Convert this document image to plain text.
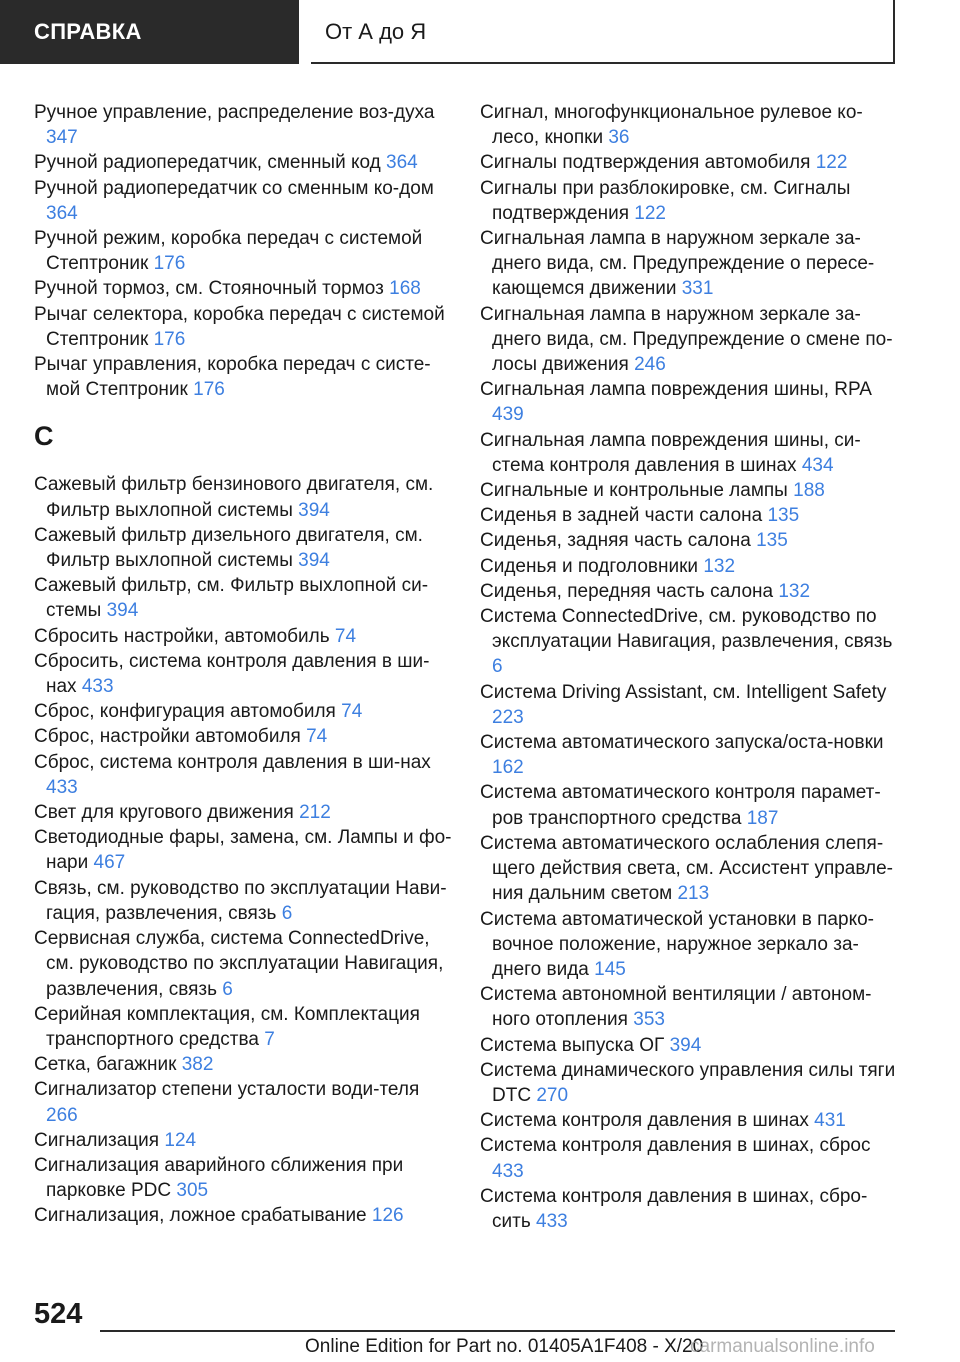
СПРАВКА	От А до Я
Ручное управление, распределение воз‐духа 347
Ручной радиопередатчик, сменный код 364
Ручной радиопередатчик со сменным ко‐дом 364
Ручной режим, коробка передач с системой Стептроник 176
Ручной тормоз, см. Стояночный тормоз 168
Рычаг селектора, коробка передач с системой Стептроник 176
Рычаг управления, коробка передач с систе‐мой Стептроник 176
С
Сажевый фильтр бензинового двигателя, см. Фильтр выхлопной системы 394
Сажевый фильтр дизельного двигателя, см. Фильтр выхлопной системы 394
Сажевый фильтр, см. Фильтр выхлопной си‐стемы 394
Сбросить настройки, автомобиль 74
Сбросить, система контроля давления в ши‐нах 433
Сброс, конфигурация автомобиля 74
Сброс, настройки автомобиля 74
Сброс, система контроля давления в ши‐нах 433
Свет для кругового движения 212
Светодиодные фары, замена, см. Лампы и фо‐нари 467
Связь, см. руководство по эксплуатации Нави‐гация, развлечения, связь 6
Сервисная служба, система ConnectedDrive, см. руководство по эксплуатации Навигация, развлечения, связь 6
Серийная комплектация, см. Комплектация транспортного средства 7
Сетка, багажник 382
Сигнализатор степени усталости води‐теля 266
Сигнализация 124
Сигнализация аварийного сближения при парковке PDC 305
Сигнализация, ложное срабатывание 126
Сигнал, многофункциональное рулевое ко‐лесо, кнопки 36
Сигналы подтверждения автомобиля 122
Сигналы при разблокировке, см. Сигналы подтверждения 122
Сигнальная лампа в наружном зеркале за‐днего вида, см. Предупреждение о пересе‐кающемся движении 331
Сигнальная лампа в наружном зеркале за‐днего вида, см. Предупреждение о смене по‐лосы движения 246
Сигнальная лампа повреждения шины, RPA 439
Сигнальная лампа повреждения шины, си‐стема контроля давления в шинах 434
Сигнальные и контрольные лампы 188
Сиденья в задней части салона 135
Сиденья, задняя часть салона 135
Сиденья и подголовники 132
Сиденья, передняя часть салона 132
Система ConnectedDrive, см. руководство по эксплуатации Навигация, развлечения, связь 6
Система Driving Assistant, см. Intelligent Safety 223
Система автоматического запуска/оста‐новки 162
Система автоматического контроля парамет‐ров транспортного средства 187
Система автоматического ослабления слепя‐щего действия света, см. Ассистент управле‐ния дальним светом 213
Система автоматической установки в парко‐вочное положение, наружное зеркало за‐днего вида 145
Система автономной вентиляции / автоном‐ного отопления 353
Система выпуска ОГ 394
Система динамического управления силы тяги DTC 270
Система контроля давления в шинах 431
Система контроля давления в шинах, сброс 433
Система контроля давления в шинах, сбро‐сить 433
524
Online Edition for Part no. 01405A1F408 - X/20
carmanualsonline.info
